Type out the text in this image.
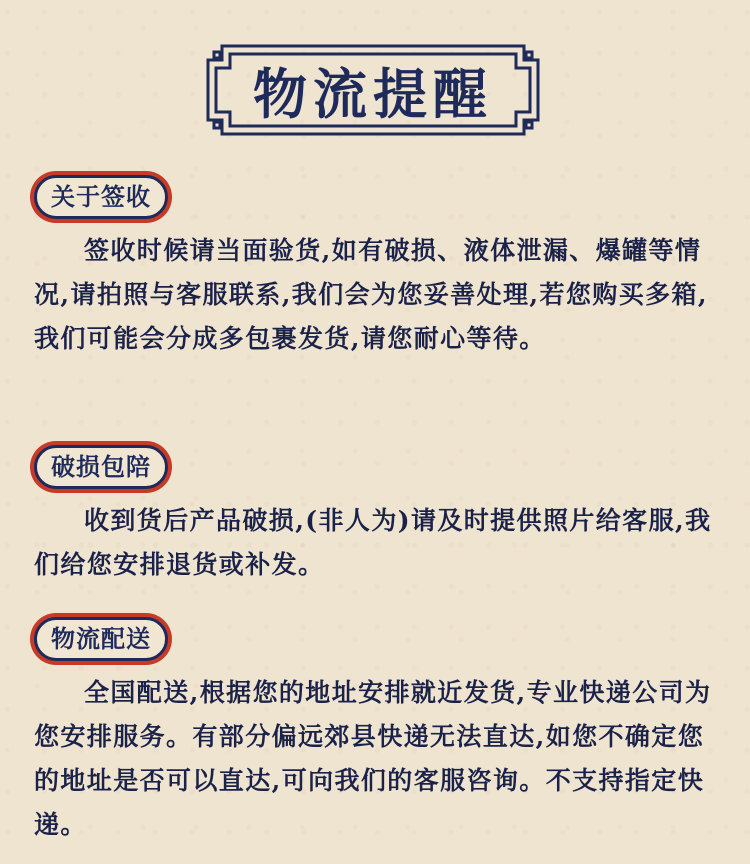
物流提醒
关于签收
签收时候请当面验货,如有破损、液体泄漏、爆罐等情况,请拍照与客服联系,我们会为您妥善处理,若您购买多箱,我们可能会分成多包裹发货,请您耐心等待。
破损包陪
收到货后产品破损,(非人为)请及时提供照片给客服,我们给您安排退货或补发。
物流配送
全国配送,根据您的地址安排就近发货,专业快递公司为您安排服务。有部分偏远郊县快递无法直达,如您不确定您的地址是否可以直达,可向我们的客服咨询。不支持指定快递。
